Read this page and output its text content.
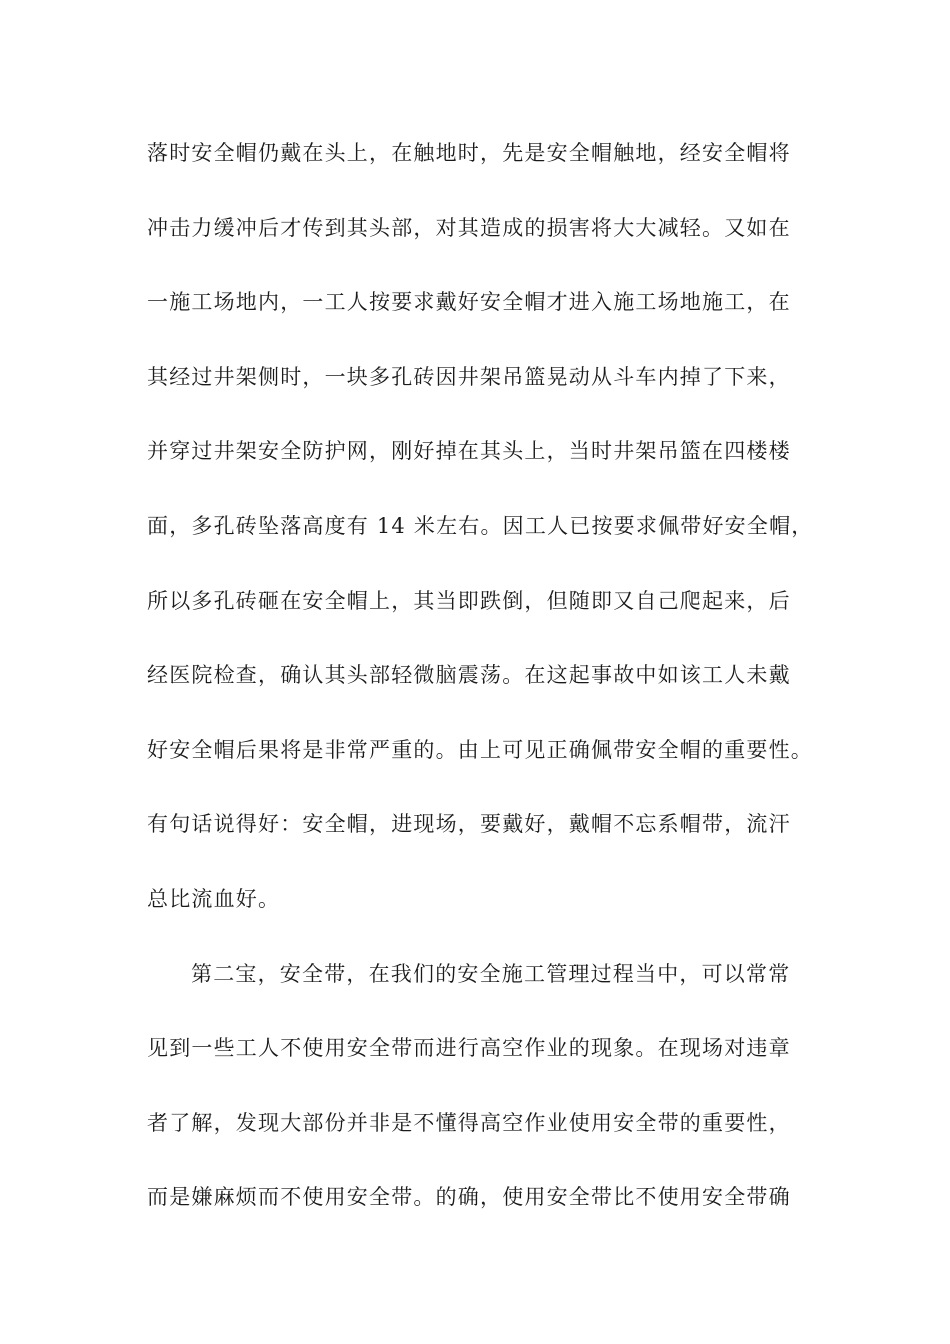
落时安全帽仍戴在头上，在触地时，先是安全帽触地，经安全帽将
冲击力缓冲后才传到其头部，对其造成的损害将大大减轻。又如在
一施工场地内，一工人按要求戴好安全帽才进入施工场地施工，在
其经过井架侧时，一块多孔砖因井架吊篮晃动从斗车内掉了下来，
并穿过井架安全防护网，刚好掉在其头上，当时井架吊篮在四楼楼
面，多孔砖坠落高度有 14 米左右。因工人已按要求佩带好安全帽，
所以多孔砖砸在安全帽上，其当即跌倒，但随即又自己爬起来，后
经医院检查，确认其头部轻微脑震荡。在这起事故中如该工人未戴
好安全帽后果将是非常严重的。由上可见正确佩带安全帽的重要性。
有句话说得好：安全帽，进现场，要戴好，戴帽不忘系帽带，流汗
总比流血好。
第二宝，安全带，在我们的安全施工管理过程当中，可以常常
见到一些工人不使用安全带而进行高空作业的现象。在现场对违章
者了解，发现大部份并非是不懂得高空作业使用安全带的重要性，
而是嫌麻烦而不使用安全带。的确，使用安全带比不使用安全带确
